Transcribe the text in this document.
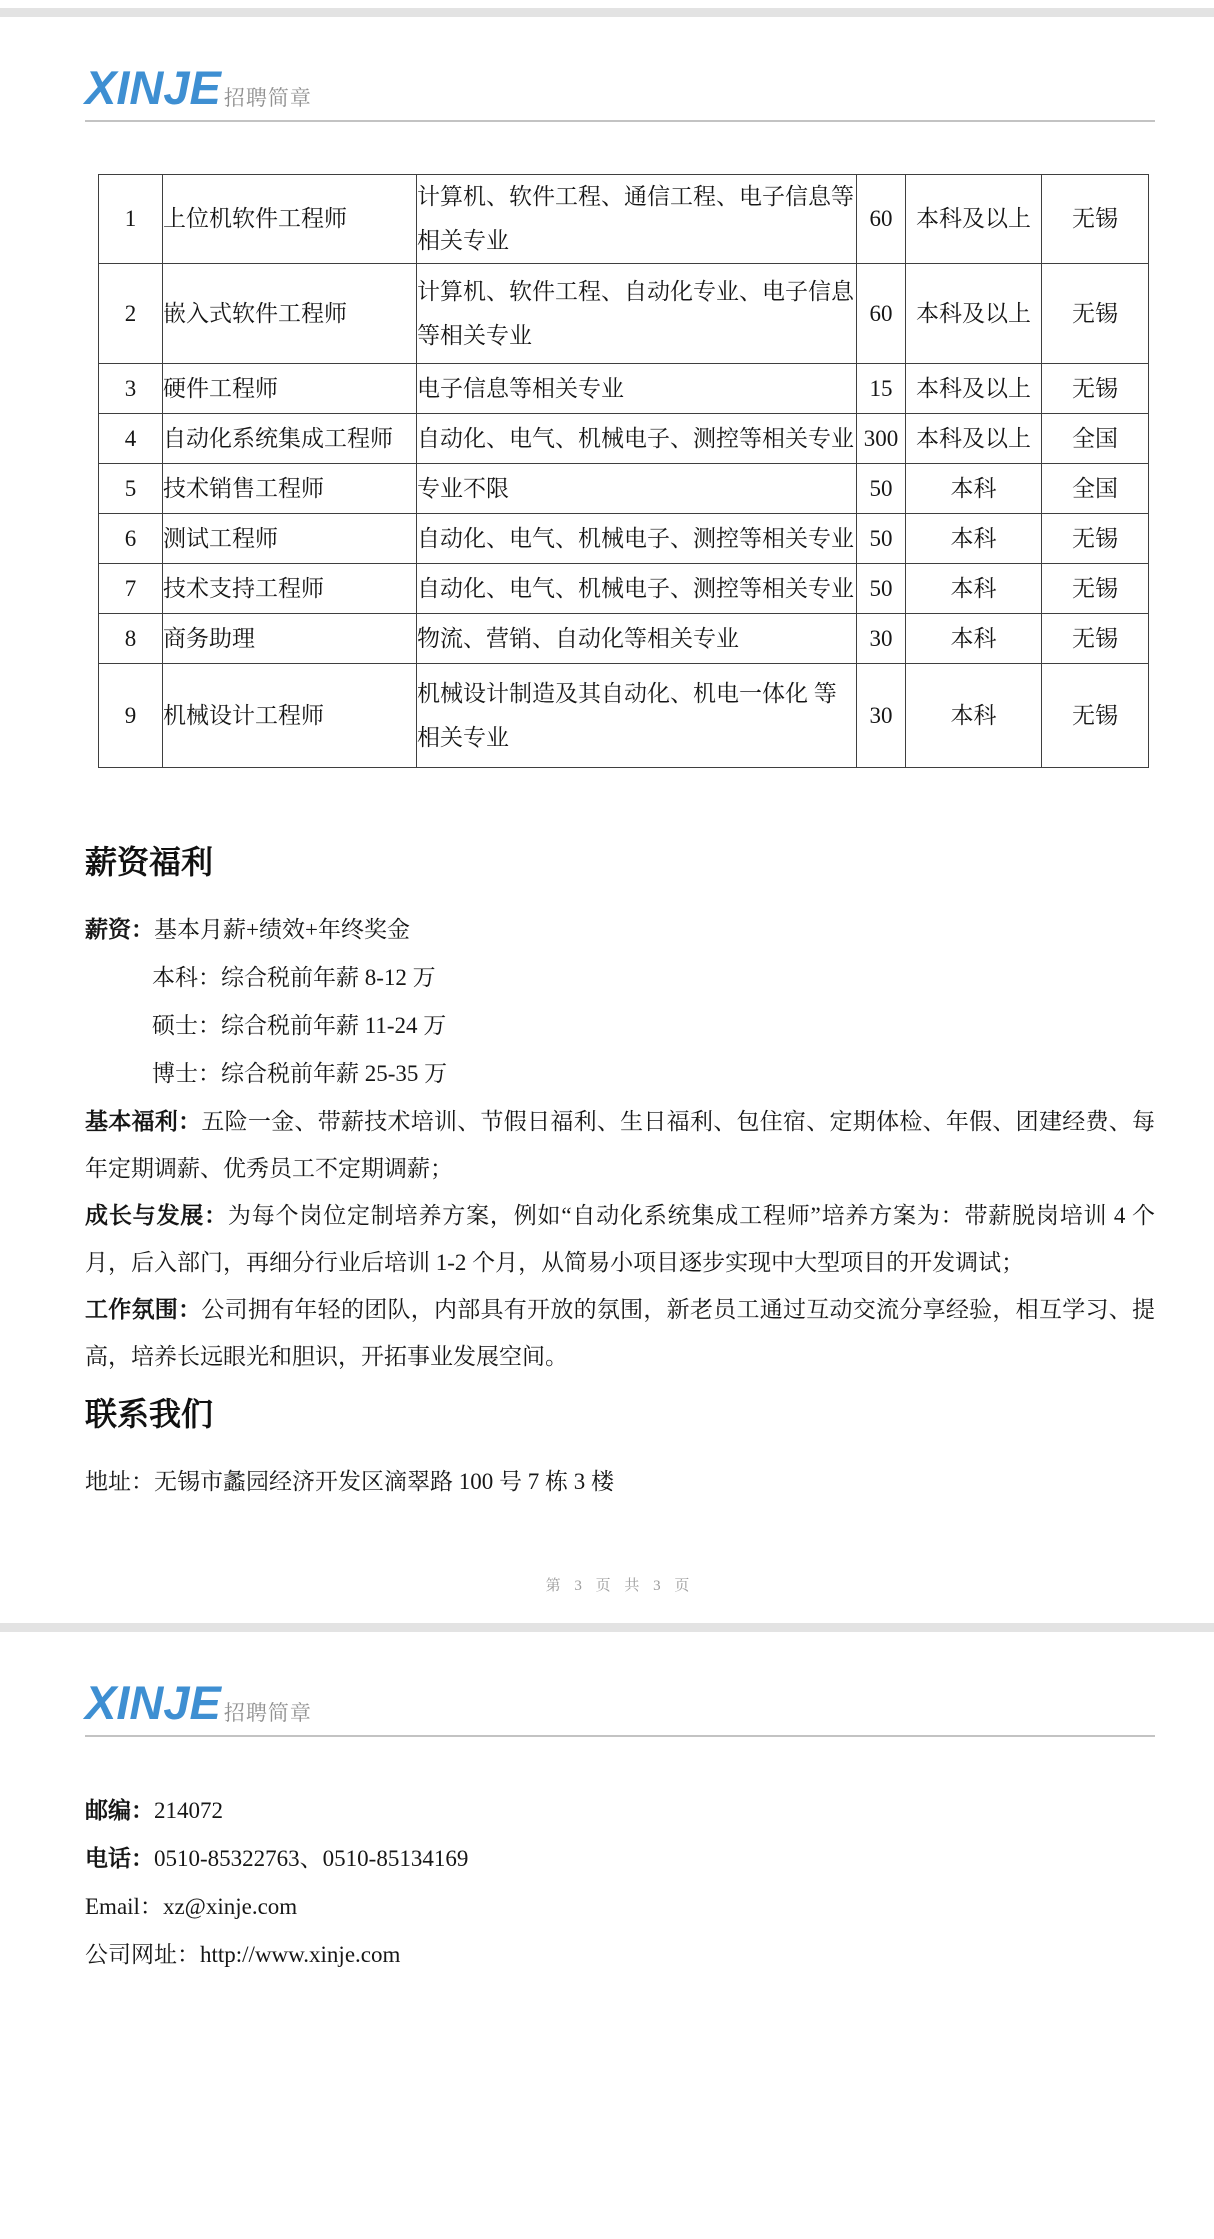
XINJE 招聘简章
1	上位机软件工程师	计算机、软件工程、通信工程、电子信息等相关专业	60	本科及以上	无锡
2	嵌入式软件工程师	计算机、软件工程、自动化专业、电子信息等相关专业	60	本科及以上	无锡
3	硬件工程师	电子信息等相关专业	15	本科及以上	无锡
4	自动化系统集成工程师	自动化、电气、机械电子、测控等相关专业	300	本科及以上	全国
5	技术销售工程师	专业不限	50	本科	全国
6	测试工程师	自动化、电气、机械电子、测控等相关专业	50	本科	无锡
7	技术支持工程师	自动化、电气、机械电子、测控等相关专业	50	本科	无锡
8	商务助理	物流、营销、自动化等相关专业	30	本科	无锡
9	机械设计工程师	机械设计制造及其自动化、机电一体化 等相关专业	30	本科	无锡
薪资福利

薪资：基本月薪+绩效+年终奖金

本科：综合税前年薪 8-12 万

硕士：综合税前年薪 11-24 万

博士：综合税前年薪 25-35 万

基本福利：五险一金、带薪技术培训、节假日福利、生日福利、包住宿、定期体检、年假、团建经费、每年定期调薪、优秀员工不定期调薪；

成长与发展：为每个岗位定制培养方案，例如“自动化系统集成工程师”培养方案为：带薪脱岗培训 4 个月，后入部门，再细分行业后培训 1-2 个月，从简易小项目逐步实现中大型项目的开发调试；

工作氛围：公司拥有年轻的团队，内部具有开放的氛围，新老员工通过互动交流分享经验，相互学习、提高，培养长远眼光和胆识，开拓事业发展空间。

联系我们

地址：无锡市蠡园经济开发区滴翠路 100 号 7 栋 3 楼

第 3 页 共 3 页
XINJE 招聘简章

邮编：214072

电话：0510-85322763、0510-85134169

Email：xz@xinje.com

公司网址：http://www.xinje.com
